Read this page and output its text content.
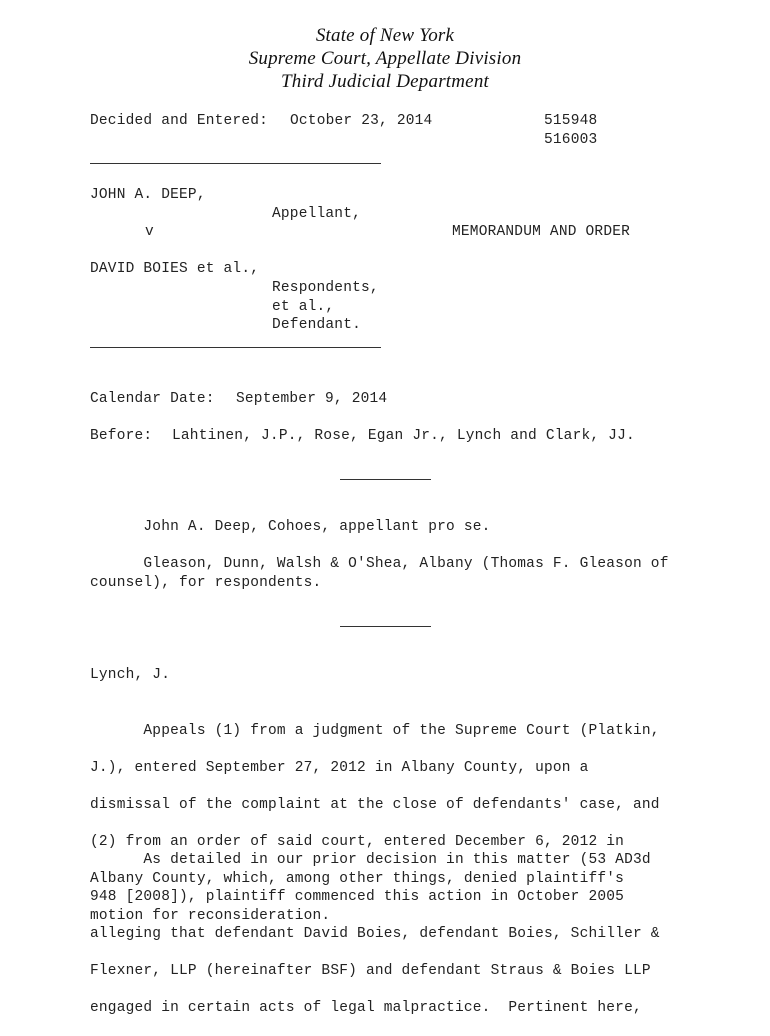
State of New York
Supreme Court, Appellate Division
Third Judicial Department
Decided and Entered: October 23, 2014	515948
516003
JOHN A. DEEP,
Appellant,
v	MEMORANDUM AND ORDER
DAVID BOIES et al.,
Respondents,
et al.,
Defendant.
Calendar Date: September 9, 2014
Before: Lahtinen, J.P., Rose, Egan Jr., Lynch and Clark, JJ.
John A. Deep, Cohoes, appellant pro se.
Gleason, Dunn, Walsh & O'Shea, Albany (Thomas F. Gleason of
counsel), for respondents.
Lynch, J.

Appeals (1) from a judgment of the Supreme Court (Platkin,

J.), entered September 27, 2012 in Albany County, upon a

dismissal of the complaint at the close of defendants' case, and

(2) from an order of said court, entered December 6, 2012 in

Albany County, which, among other things, denied plaintiff's

motion for reconsideration.

As detailed in our prior decision in this matter (53 AD3d

948 [2008]), plaintiff commenced this action in October 2005

alleging that defendant David Boies, defendant Boies, Schiller &

Flexner, LLP (hereinafter BSF) and defendant Straus & Boies LLP

engaged in certain acts of legal malpractice.  Pertinent here,
